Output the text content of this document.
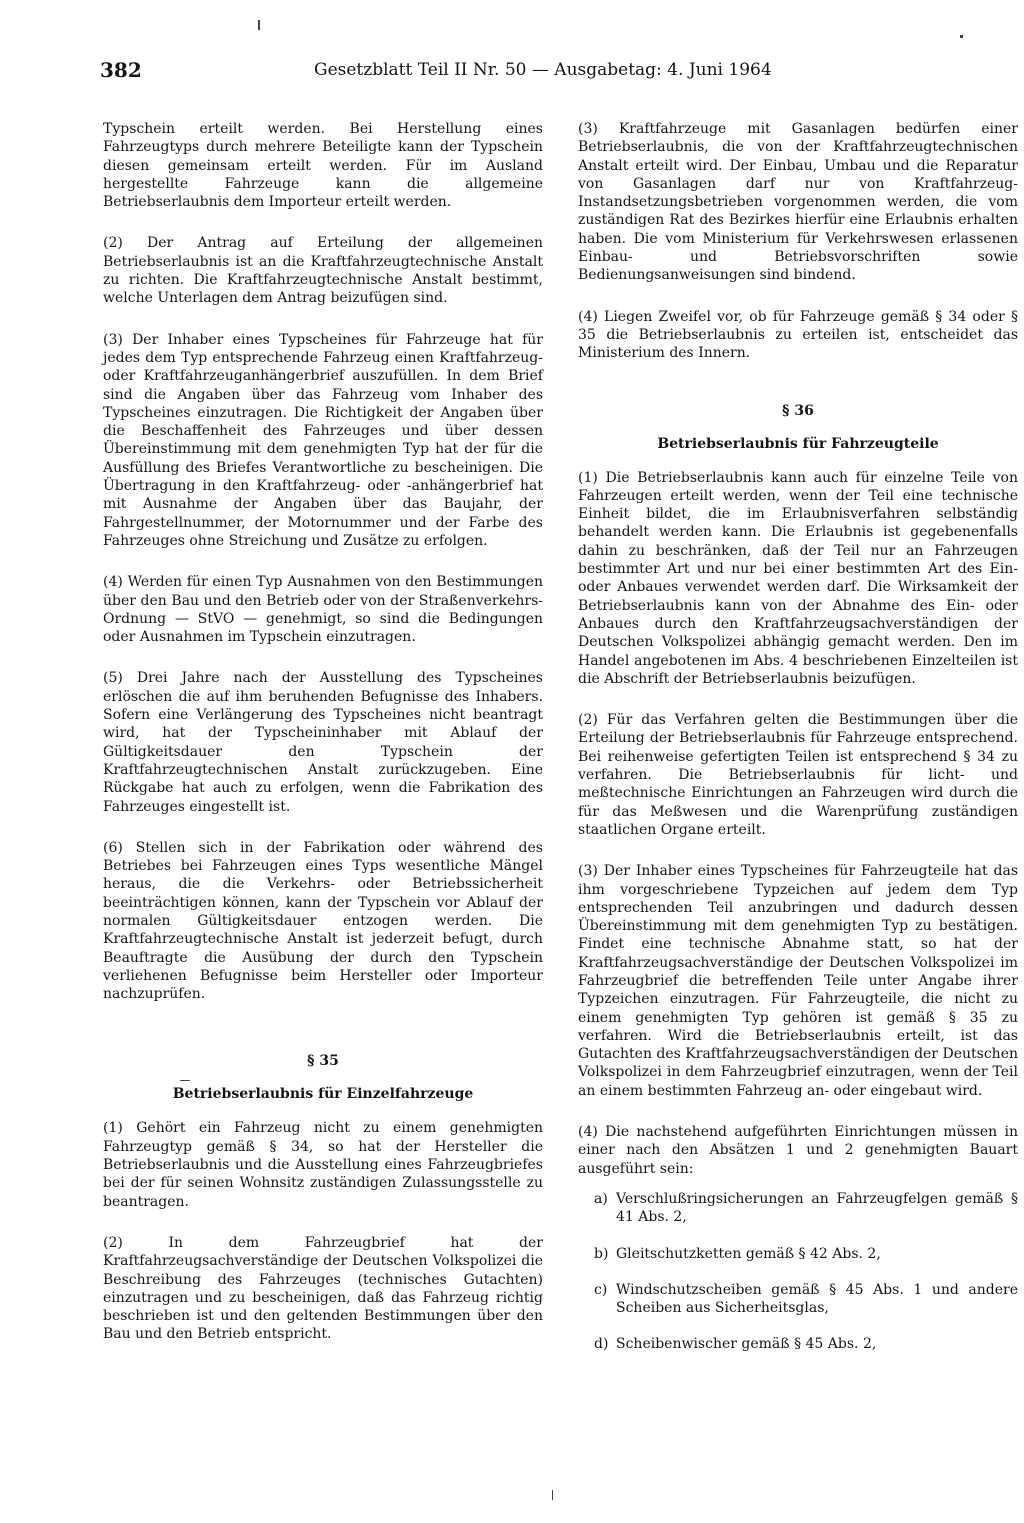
382	Gesetzblatt Teil II Nr. 50 — Ausgabetag: 4. Juni 1964

Typschein erteilt werden. Bei Herstellung eines Fahrzeugtyps durch mehrere Beteiligte kann der Typschein diesen gemeinsam erteilt werden. Für im Ausland hergestellte Fahrzeuge kann die allgemeine Betriebserlaubnis dem Importeur erteilt werden.

(2) Der Antrag auf Erteilung der allgemeinen Betriebserlaubnis ist an die Kraftfahrzeugtechnische Anstalt zu richten. Die Kraftfahrzeugtechnische Anstalt bestimmt, welche Unterlagen dem Antrag beizufügen sind.

(3) Der Inhaber eines Typscheines für Fahrzeuge hat für jedes dem Typ entsprechende Fahrzeug einen Kraftfahrzeug- oder Kraftfahrzeuganhängerbrief auszufüllen. In dem Brief sind die Angaben über das Fahrzeug vom Inhaber des Typscheines einzutragen. Die Richtigkeit der Angaben über die Beschaffenheit des Fahrzeuges und über dessen Übereinstimmung mit dem genehmigten Typ hat der für die Ausfüllung des Briefes Verantwortliche zu bescheinigen. Die Übertragung in den Kraftfahrzeug- oder -anhängerbrief hat mit Ausnahme der Angaben über das Baujahr, der Fahrgestellnummer, der Motornummer und der Farbe des Fahrzeuges ohne Streichung und Zusätze zu erfolgen.

(4) Werden für einen Typ Ausnahmen von den Bestimmungen über den Bau und den Betrieb oder von der Straßenverkehrs-Ordnung — StVO — genehmigt, so sind die Bedingungen oder Ausnahmen im Typschein einzutragen.

(5) Drei Jahre nach der Ausstellung des Typscheines erlöschen die auf ihm beruhenden Befugnisse des Inhabers. Sofern eine Verlängerung des Typscheines nicht beantragt wird, hat der Typscheininhaber mit Ablauf der Gültigkeitsdauer den Typschein der Kraftfahrzeugtechnischen Anstalt zurückzugeben. Eine Rückgabe hat auch zu erfolgen, wenn die Fabrikation des Fahrzeuges eingestellt ist.

(6) Stellen sich in der Fabrikation oder während des Betriebes bei Fahrzeugen eines Typs wesentliche Mängel heraus, die die Verkehrs- oder Betriebssicherheit beeinträchtigen können, kann der Typschein vor Ablauf der normalen Gültigkeitsdauer entzogen werden. Die Kraftfahrzeugtechnische Anstalt ist jederzeit befugt, durch Beauftragte die Ausübung der durch den Typschein verliehenen Befugnisse beim Hersteller oder Importeur nachzuprüfen.

§ 35

Betriebserlaubnis für Einzelfahrzeuge

(1) Gehört ein Fahrzeug nicht zu einem genehmigten Fahrzeugtyp gemäß § 34, so hat der Hersteller die Betriebserlaubnis und die Ausstellung eines Fahrzeugbriefes bei der für seinen Wohnsitz zuständigen Zulassungsstelle zu beantragen.

(2) In dem Fahrzeugbrief hat der Kraftfahrzeugsachverständige der Deutschen Volkspolizei die Beschreibung des Fahrzeuges (technisches Gutachten) einzutragen und zu bescheinigen, daß das Fahrzeug richtig beschrieben ist und den geltenden Bestimmungen über den Bau und den Betrieb entspricht.

(3) Kraftfahrzeuge mit Gasanlagen bedürfen einer Betriebserlaubnis, die von der Kraftfahrzeugtechnischen Anstalt erteilt wird. Der Einbau, Umbau und die Reparatur von Gasanlagen darf nur von Kraftfahrzeug-Instandsetzungsbetrieben vorgenommen werden, die vom zuständigen Rat des Bezirkes hierfür eine Erlaubnis erhalten haben. Die vom Ministerium für Verkehrswesen erlassenen Einbau- und Betriebsvorschriften sowie Bedienungsanweisungen sind bindend.

(4) Liegen Zweifel vor, ob für Fahrzeuge gemäß § 34 oder § 35 die Betriebserlaubnis zu erteilen ist, entscheidet das Ministerium des Innern.

§ 36

Betriebserlaubnis für Fahrzeugteile

(1) Die Betriebserlaubnis kann auch für einzelne Teile von Fahrzeugen erteilt werden, wenn der Teil eine technische Einheit bildet, die im Erlaubnisverfahren selbständig behandelt werden kann. Die Erlaubnis ist gegebenenfalls dahin zu beschränken, daß der Teil nur an Fahrzeugen bestimmter Art und nur bei einer bestimmten Art des Ein- oder Anbaues verwendet werden darf. Die Wirksamkeit der Betriebserlaubnis kann von der Abnahme des Ein- oder Anbaues durch den Kraftfahrzeugsachverständigen der Deutschen Volkspolizei abhängig gemacht werden. Den im Handel angebotenen im Abs. 4 beschriebenen Einzelteilen ist die Abschrift der Betriebserlaubnis beizufügen.

(2) Für das Verfahren gelten die Bestimmungen über die Erteilung der Betriebserlaubnis für Fahrzeuge entsprechend. Bei reihenweise gefertigten Teilen ist entsprechend § 34 zu verfahren. Die Betriebserlaubnis für licht- und meßtechnische Einrichtungen an Fahrzeugen wird durch die für das Meßwesen und die Warenprüfung zuständigen staatlichen Organe erteilt.

(3) Der Inhaber eines Typscheines für Fahrzeugteile hat das ihm vorgeschriebene Typzeichen auf jedem dem Typ entsprechenden Teil anzubringen und dadurch dessen Übereinstimmung mit dem genehmigten Typ zu bestätigen. Findet eine technische Abnahme statt, so hat der Kraftfahrzeugsachverständige der Deutschen Volkspolizei im Fahrzeugbrief die betreffenden Teile unter Angabe ihrer Typzeichen einzutragen. Für Fahrzeugteile, die nicht zu einem genehmigten Typ gehören ist gemäß § 35 zu verfahren. Wird die Betriebserlaubnis erteilt, ist das Gutachten des Kraftfahrzeugsachverständigen der Deutschen Volkspolizei in dem Fahrzeugbrief einzutragen, wenn der Teil an einem bestimmten Fahrzeug an- oder eingebaut wird.

(4) Die nachstehend aufgeführten Einrichtungen müssen in einer nach den Absätzen 1 und 2 genehmigten Bauart ausgeführt sein:

a) Verschlußringsicherungen an Fahrzeugfelgen gemäß § 41 Abs. 2,

b) Gleitschutzketten gemäß § 42 Abs. 2,

c) Windschutzscheiben gemäß § 45 Abs. 1 und andere Scheiben aus Sicherheitsglas,

d) Scheibenwischer gemäß § 45 Abs. 2,
